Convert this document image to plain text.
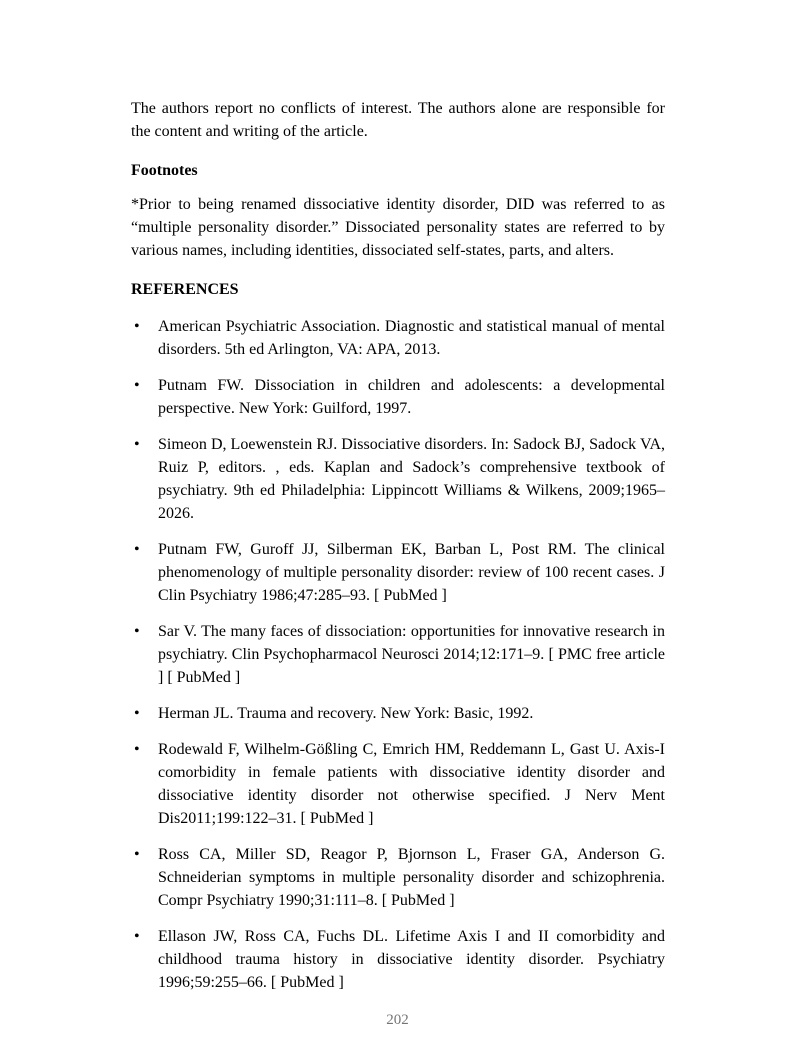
The authors report no conflicts of interest. The authors alone are responsible for the content and writing of the article.

Footnotes

*Prior to being renamed dissociative identity disorder, DID was referred to as “multiple personality disorder.” Dissociated personality states are referred to by various names, including identities, dissociated self-states, parts, and alters.

REFERENCES
• American Psychiatric Association. Diagnostic and statistical manual of mental disorders. 5th ed Arlington, VA: APA, 2013.
• Putnam FW. Dissociation in children and adolescents: a developmental perspective. New York: Guilford, 1997.
• Simeon D, Loewenstein RJ. Dissociative disorders. In: Sadock BJ, Sadock VA, Ruiz P, editors. , eds. Kaplan and Sadock’s comprehensive textbook of psychiatry. 9th ed Philadelphia: Lippincott Williams & Wilkens, 2009;1965–2026.
• Putnam FW, Guroff JJ, Silberman EK, Barban L, Post RM. The clinical phenomenology of multiple personality disorder: review of 100 recent cases. J Clin Psychiatry 1986;47:285–93. [ PubMed ]
• Sar V. The many faces of dissociation: opportunities for innovative research in psychiatry. Clin Psychopharmacol Neurosci 2014;12:171–9. [ PMC free article ] [ PubMed ]
• Herman JL. Trauma and recovery. New York: Basic, 1992.
• Rodewald F, Wilhelm-Gößling C, Emrich HM, Reddemann L, Gast U. Axis-I comorbidity in female patients with dissociative identity disorder and dissociative identity disorder not otherwise specified. J Nerv Ment Dis2011;199:122–31. [ PubMed ]
• Ross CA, Miller SD, Reagor P, Bjornson L, Fraser GA, Anderson G. Schneiderian symptoms in multiple personality disorder and schizophrenia. Compr Psychiatry 1990;31:111–8. [ PubMed ]
• Ellason JW, Ross CA, Fuchs DL. Lifetime Axis I and II comorbidity and childhood trauma history in dissociative identity disorder. Psychiatry 1996;59:255–66. [ PubMed ]
202
